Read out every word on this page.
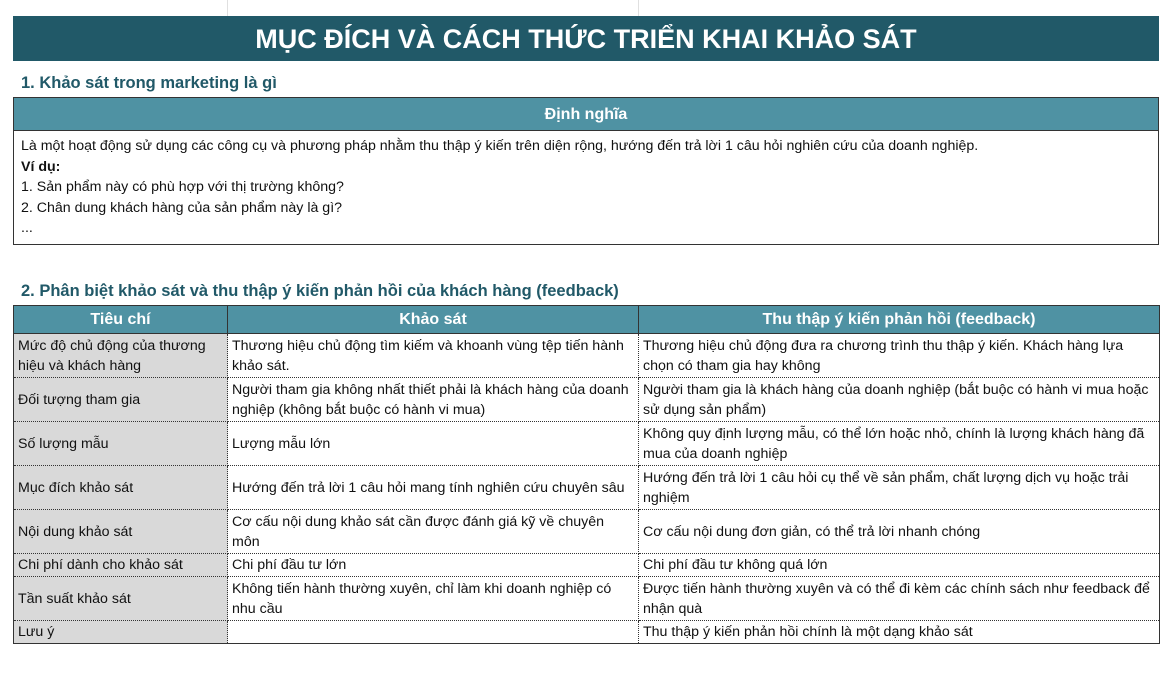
MỤC ĐÍCH VÀ CÁCH THỨC TRIỂN KHAI KHẢO SÁT
1. Khảo sát trong marketing là gì
Định nghĩa
Là một hoạt động sử dụng các công cụ và phương pháp nhằm thu thập ý kiến trên diện rộng, hướng đến trả lời 1 câu hỏi nghiên cứu của doanh nghiệp.
Ví dụ:
1. Sản phẩm này có phù hợp với thị trường không?
2. Chân dung khách hàng của sản phẩm này là gì?
...
2. Phân biệt khảo sát và thu thập ý kiến phản hồi của khách hàng (feedback)
Tiêu chí	Khảo sát	Thu thập ý kiến phản hồi (feedback)
Mức độ chủ động của thương hiệu và khách hàng	Thương hiệu chủ động tìm kiếm và khoanh vùng tệp tiến hành khảo sát.	Thương hiệu chủ động đưa ra chương trình thu thập ý kiến. Khách hàng lựa chọn có tham gia hay không
Đối tượng tham gia	Người tham gia không nhất thiết phải là khách hàng của doanh nghiệp (không bắt buộc có hành vi mua)	Người tham gia là khách hàng của doanh nghiệp (bắt buộc có hành vi mua hoặc sử dụng sản phẩm)
Số lượng mẫu	Lượng mẫu lớn	Không quy định lượng mẫu, có thể lớn hoặc nhỏ, chính là lượng khách hàng đã mua của doanh nghiệp
Mục đích khảo sát	Hướng đến trả lời 1 câu hỏi mang tính nghiên cứu chuyên sâu	Hướng đến trả lời 1 câu hỏi cụ thể về sản phẩm, chất lượng dịch vụ hoặc trải nghiệm
Nội dung khảo sát	Cơ cấu nội dung khảo sát cần được đánh giá kỹ về chuyên môn	Cơ cấu nội dung đơn giản, có thể trả lời nhanh chóng
Chi phí dành cho khảo sát	Chi phí đầu tư lớn	Chi phí đầu tư không quá lớn
Tần suất khảo sát	Không tiến hành thường xuyên, chỉ làm khi doanh nghiệp có nhu cầu	Được tiến hành thường xuyên và có thể đi kèm các chính sách như feedback để nhận quà
Lưu ý		Thu thập ý kiến phản hồi chính là một dạng khảo sát
